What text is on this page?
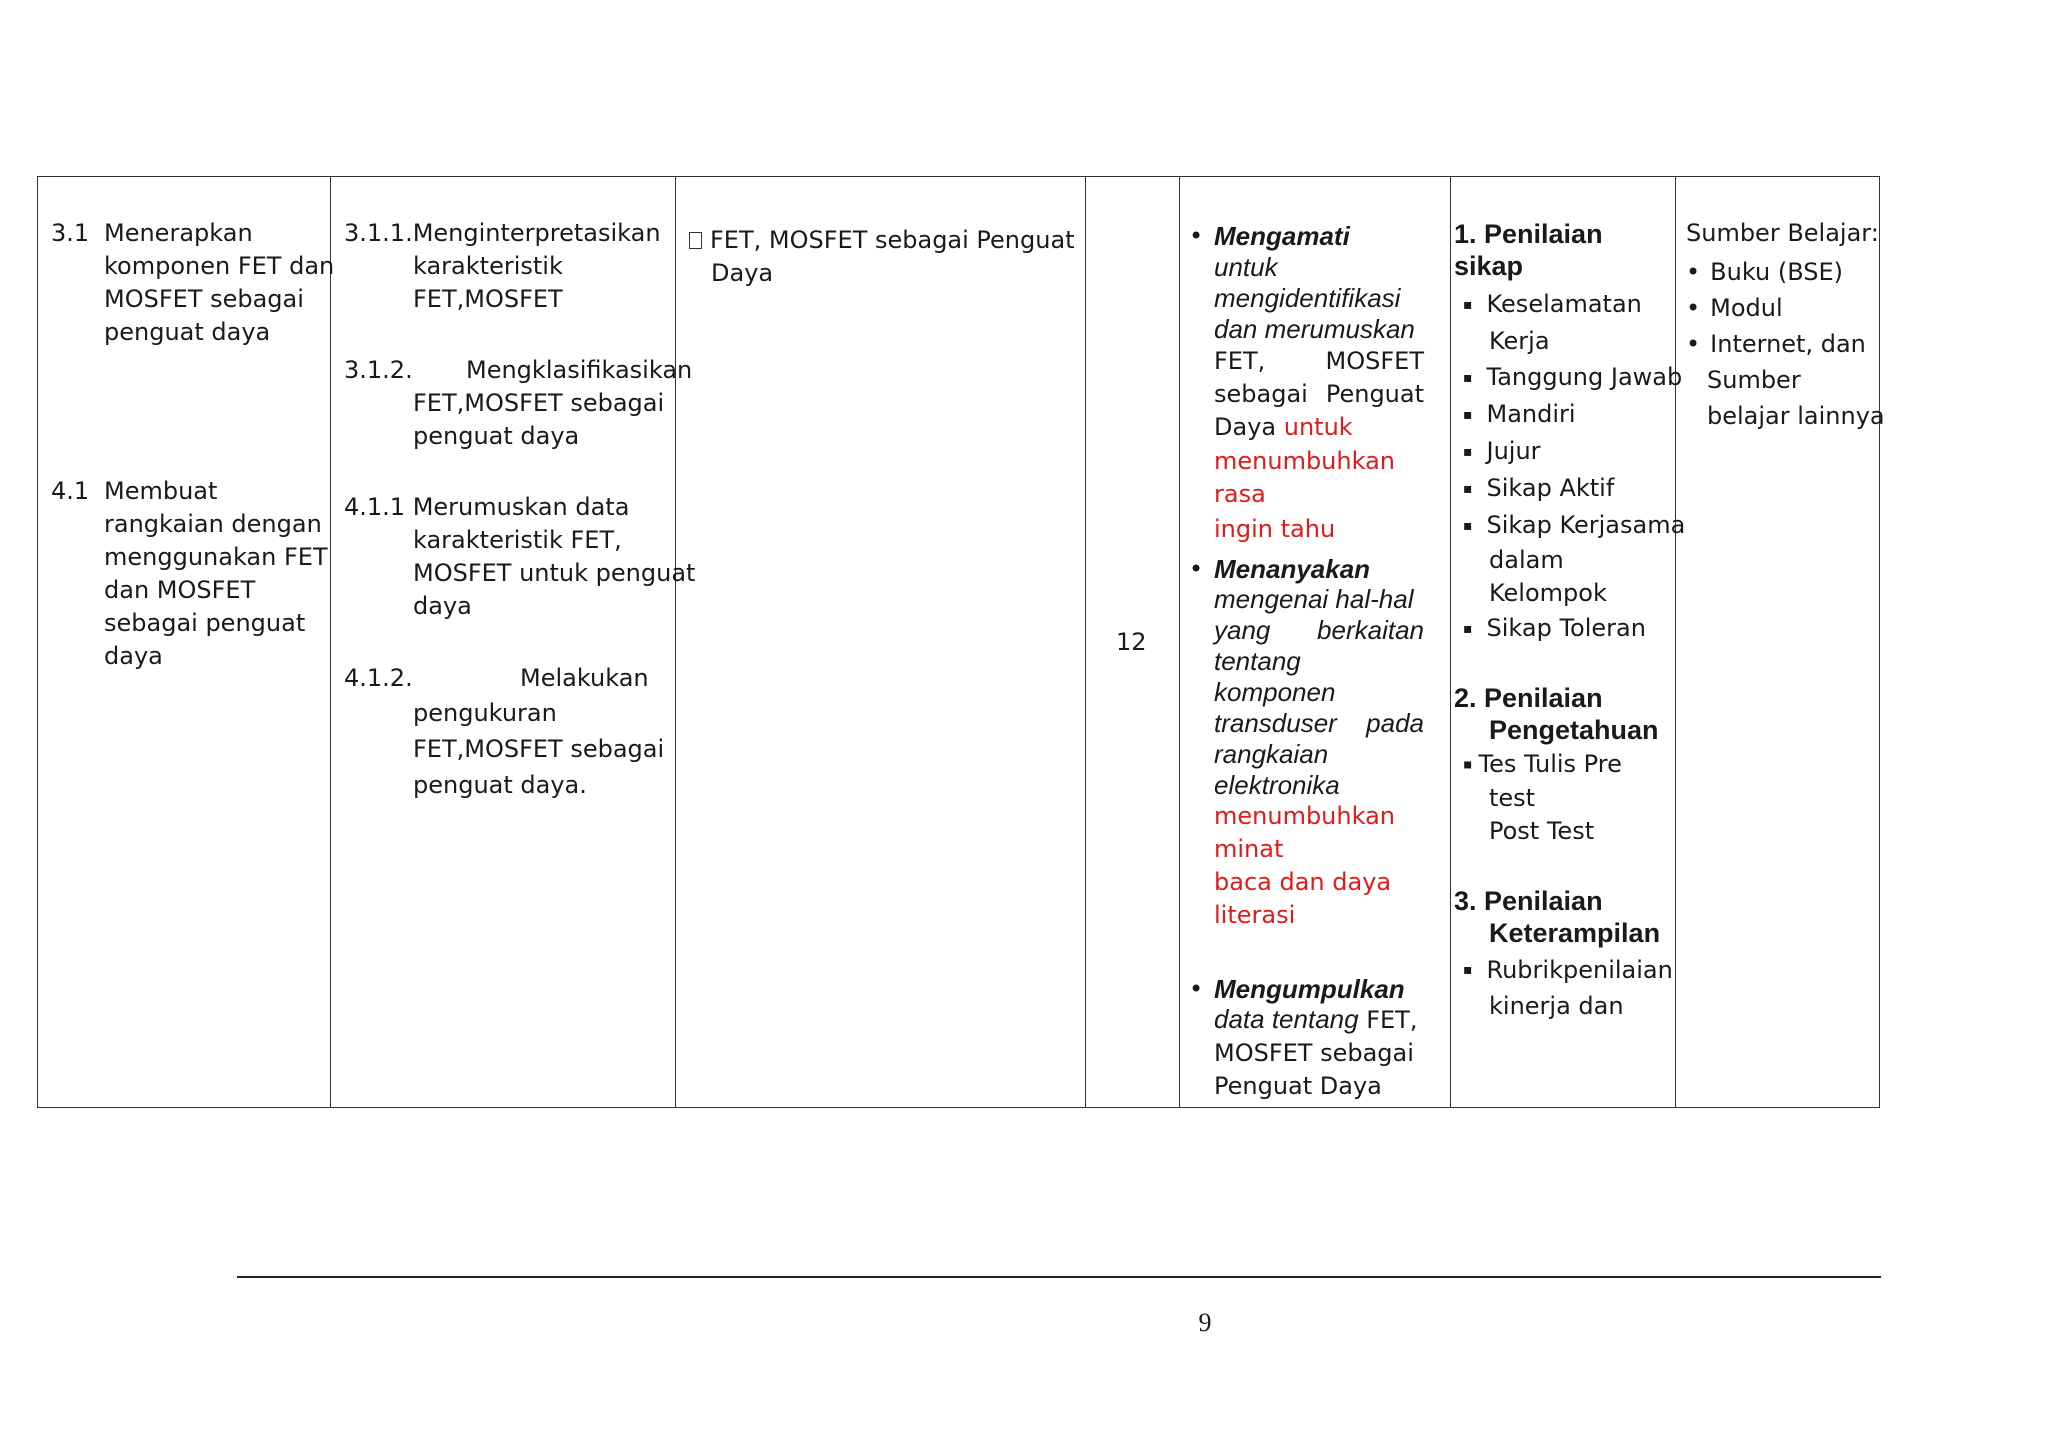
3.1 Menerapkan
komponen FET dan
MOSFET sebagai
penguat daya
4.1 Membuat
rangkaian dengan
menggunakan FET
dan MOSFET
sebagai penguat
daya
3.1.1.Menginterpretasikan
karakteristik
FET,MOSFET
3.1.2. Mengklasifikasikan
FET,MOSFET sebagai
penguat daya
4.1.1 Merumuskan data
karakteristik FET,
MOSFET untuk penguat
daya
4.1.2.	Melakukan
pengukuran
FET,MOSFET sebagai
penguat daya.
FET, MOSFET sebagai Penguat
Daya
12
• Mengamati
untuk
mengidentifikasi
dan merumuskan
FET,	MOSFET
sebagai Penguat
Daya untuk
menumbuhkan rasa
ingin tahu
• Menanyakan
mengenai hal-hal
yang berkaitan
tentang
komponen
transduser pada
rangkaian
elektronika
menumbuhkan
minat
baca dan daya
literasi
• Mengumpulkan
data tentang FET,
MOSFET sebagai
Penguat Daya
1. Penilaian
sikap
▪ Keselamatan
Kerja
▪ Tanggung Jawab
▪ Mandiri
▪ Jujur
▪ Sikap Aktif
▪ Sikap Kerjasama
dalam
Kelompok
▪ Sikap Toleran
2. Penilaian
Pengetahuan
▪ Tes Tulis Pre
test
Post Test
3. Penilaian
Keterampilan
▪ Rubrik penilaian
kinerja dan
Sumber Belajar:
• Buku (BSE)
• Modul
• Internet, dan
Sumber
belajar lainnya
9
